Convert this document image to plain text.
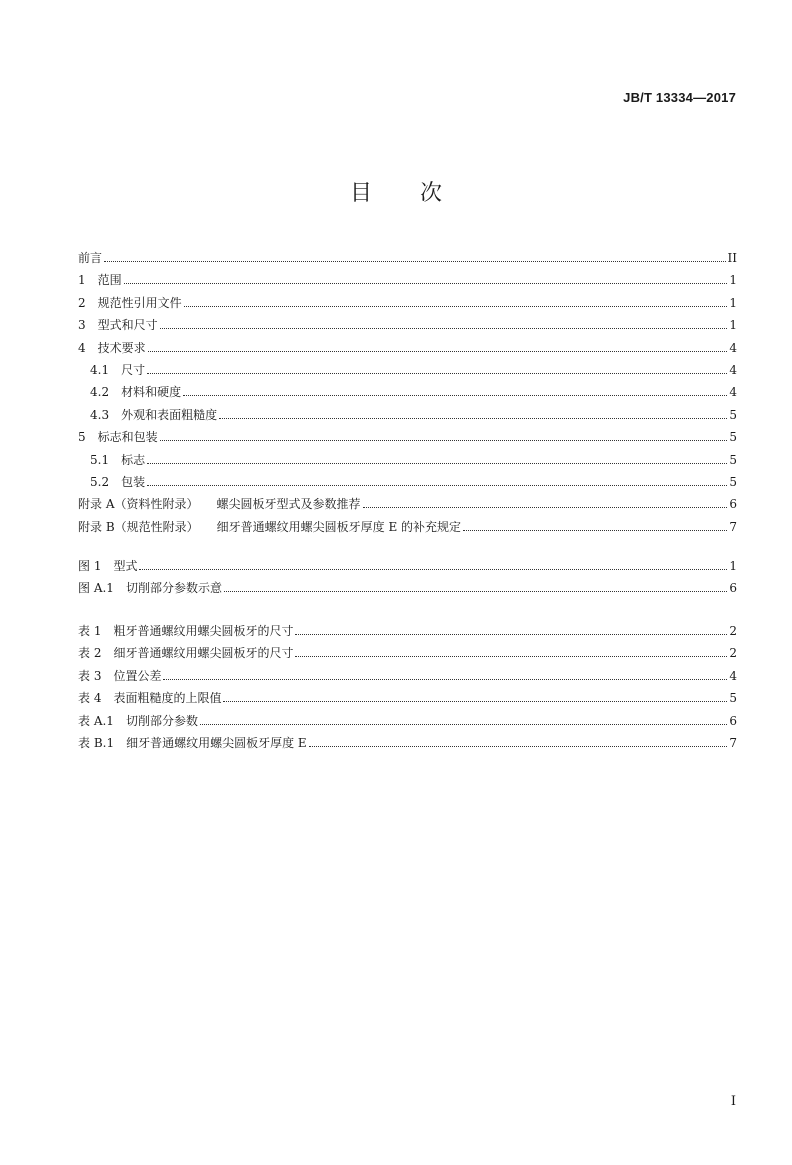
JB/T 13334—2017
目 次
前言	II
1 范围	1
2 规范性引用文件	1
3 型式和尺寸	1
4 技术要求	4
4.1 尺寸	4
4.2 材料和硬度	4
4.3 外观和表面粗糙度	5
5 标志和包装	5
5.1 标志	5
5.2 包装	5
附录 A（资料性附录） 螺尖圆板牙型式及参数推荐	6
附录 B（规范性附录） 细牙普通螺纹用螺尖圆板牙厚度 E 的补充规定	7
图 1 型式	1
图 A.1 切削部分参数示意	6
表 1 粗牙普通螺纹用螺尖圆板牙的尺寸	2
表 2 细牙普通螺纹用螺尖圆板牙的尺寸	2
表 3 位置公差	4
表 4 表面粗糙度的上限值	5
表 A.1 切削部分参数	6
表 B.1 细牙普通螺纹用螺尖圆板牙厚度 E	7
I
